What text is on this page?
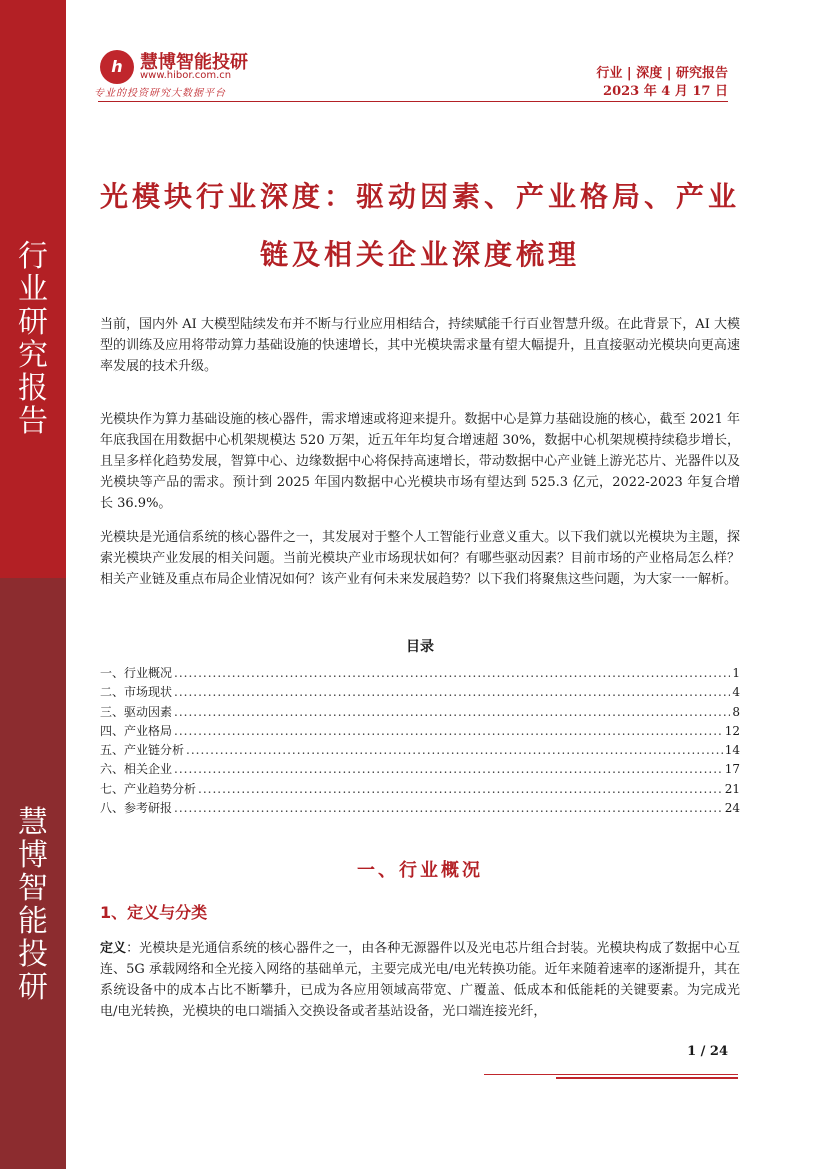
行业研究报告
慧博智能投研
h 慧博智能投研
www.hibor.com.cn
专业的投资研究大数据平台
行业 | 深度 | 研究报告
2023 年 4 月 17 日
光模块行业深度：驱动因素、产业格局、产业链及相关企业深度梳理

当前，国内外 AI 大模型陆续发布并不断与行业应用相结合，持续赋能千行百业智慧升级。在此背景下，AI 大模型的训练及应用将带动算力基础设施的快速增长，其中光模块需求量有望大幅提升，且直接驱动光模块向更高速率发展的技术升级。

光模块作为算力基础设施的核心器件，需求增速或将迎来提升。数据中心是算力基础设施的核心，截至 2021 年年底我国在用数据中心机架规模达 520 万架，近五年年均复合增速超 30%，数据中心机架规模持续稳步增长，且呈多样化趋势发展，智算中心、边缘数据中心将保持高速增长，带动数据中心产业链上游光芯片、光器件以及光模块等产品的需求。预计到 2025 年国内数据中心光模块市场有望达到 525.3 亿元，2022-2023 年复合增长 36.9%。

光模块是光通信系统的核心器件之一，其发展对于整个人工智能行业意义重大。以下我们就以光模块为主题，探索光模块产业发展的相关问题。当前光模块产业市场现状如何？有哪些驱动因素？目前市场的产业格局怎么样？相关产业链及重点布局企业情况如何？该产业有何未来发展趋势？以下我们将聚焦这些问题，为大家一一解析。

目录
一、行业概况 .....	1
二、市场现状 .....	4
三、驱动因素 .....	8
四、产业格局 .....	12
五、产业链分析 .....	14
六、相关企业 .....	17
七、产业趋势分析 .....	21
八、参考研报 .....	24
一、行业概况
1、定义与分类

定义：光模块是光通信系统的核心器件之一，由各种无源器件以及光电芯片组合封装。光模块构成了数据中心互连、5G 承载网络和全光接入网络的基础单元，主要完成光电/电光转换功能。近年来随着速率的逐渐提升，其在系统设备中的成本占比不断攀升，已成为各应用领域高带宽、广覆盖、低成本和低能耗的关键要素。为完成光电/电光转换，光模块的电口端插入交换设备或者基站设备，光口端连接光纤，

1 / 24
